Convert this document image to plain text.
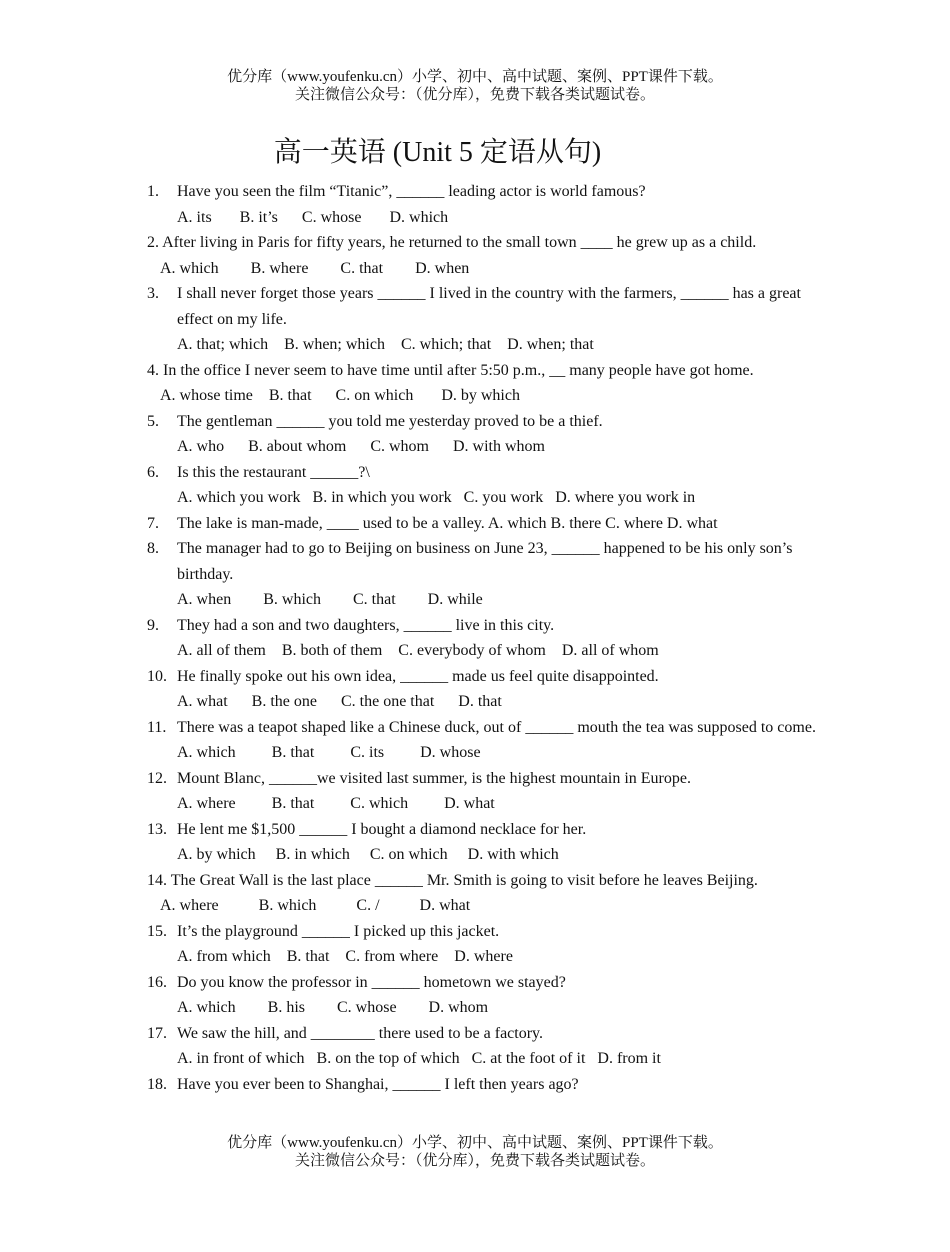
优分库（www.youfenku.cn）小学、初中、高中试题、案例、PPT课件下载。
关注微信公众号：（优分库），免费下载各类试题试卷。
高一英语 (Unit 5 定语从句)
1.	Have you seen the film “Titanic”, ______ leading actor is world famous?
A. its       B. it’s      C. whose       D. which
2. After living in Paris for fifty years, he returned to the small town ____ he grew up as a child.
A. which        B. where        C. that        D. when
3.	I shall never forget those years ______ I lived in the country with the farmers, ______ has a great effect on my life.
A. that; which    B. when; which    C. which; that    D. when; that
4. In the office I never seem to have time until after 5:50 p.m., __ many people have got home.
A. whose time    B. that      C. on which       D. by which
5.	The gentleman ______ you told me yesterday proved to be a thief.
A. who      B. about whom      C. whom      D. with whom
6.	Is this the restaurant ______?\
A. which you work   B. in which you work   C. you work   D. where you work in
7.	The lake is man-made, ____ used to be a valley. A. which B. there C. where D. what
8.	The manager had to go to Beijing on business on June 23, ______ happened to be his only son’s birthday.
A. when        B. which        C. that        D. while
9.	They had a son and two daughters, ______ live in this city.
A. all of them    B. both of them    C. everybody of whom    D. all of whom
10. He finally spoke out his own idea, ______ made us feel quite disappointed.
A. what      B. the one      C. the one that      D. that
11. There was a teapot shaped like a Chinese duck, out of ______ mouth the tea was supposed to come.
A. which         B. that         C. its         D. whose
12. Mount Blanc, ______we visited last summer, is the highest mountain in Europe.
A. where         B. that         C. which         D. what
13. He lent me $1,500 ______ I bought a diamond necklace for her.
A. by which     B. in which     C. on which     D. with which
14. The Great Wall is the last place ______ Mr. Smith is going to visit before he leaves Beijing.
A. where          B. which          C. /          D. what
15. It’s the playground ______ I picked up this jacket.
A. from which    B. that    C. from where    D. where
16. Do you know the professor in ______ hometown we stayed?
A. which        B. his        C. whose        D. whom
17. We saw the hill, and ________ there used to be a factory.
A. in front of which   B. on the top of which   C. at the foot of it   D. from it
18. Have you ever been to Shanghai, ______ I left then years ago?
优分库（www.youfenku.cn）小学、初中、高中试题、案例、PPT课件下载。
关注微信公众号：（优分库），免费下载各类试题试卷。
